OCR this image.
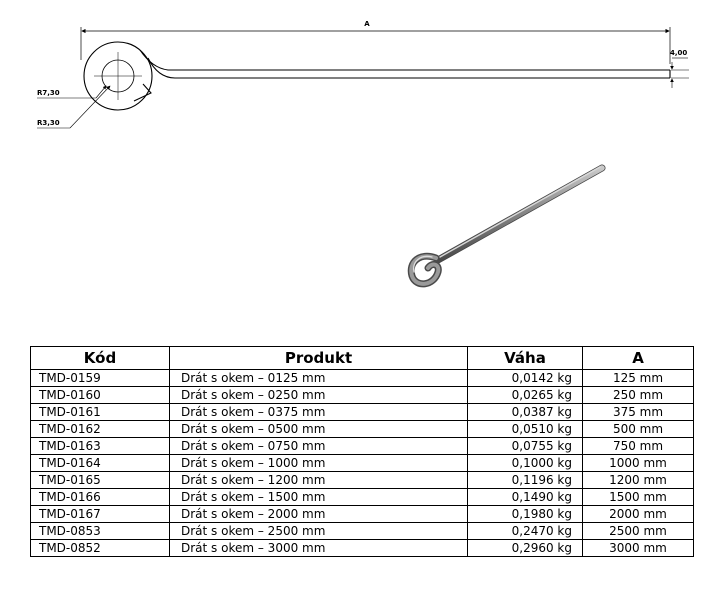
A
4,00
R7,30
R3,30
Kód	Produkt	Váha	A
TMD-0159	Drát s okem – 0125 mm	0,0142 kg	125 mm
TMD-0160	Drát s okem – 0250 mm	0,0265 kg	250 mm
TMD-0161	Drát s okem – 0375 mm	0,0387 kg	375 mm
TMD-0162	Drát s okem – 0500 mm	0,0510 kg	500 mm
TMD-0163	Drát s okem – 0750 mm	0,0755 kg	750 mm
TMD-0164	Drát s okem – 1000 mm	0,1000 kg	1000 mm
TMD-0165	Drát s okem – 1200 mm	0,1196 kg	1200 mm
TMD-0166	Drát s okem – 1500 mm	0,1490 kg	1500 mm
TMD-0167	Drát s okem – 2000 mm	0,1980 kg	2000 mm
TMD-0853	Drát s okem – 2500 mm	0,2470 kg	2500 mm
TMD-0852	Drát s okem – 3000 mm	0,2960 kg	3000 mm
